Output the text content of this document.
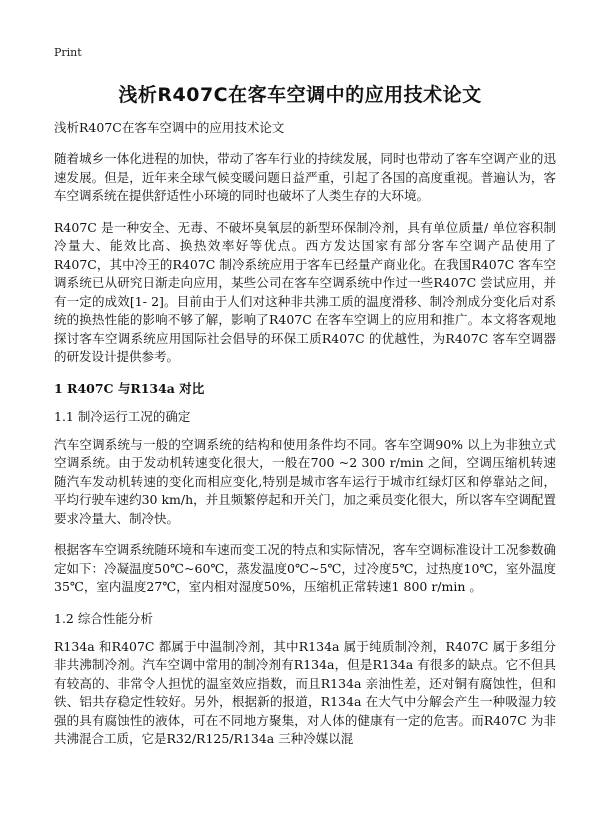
Print
浅析R407C在客车空调中的应用技术论文
浅析R407C在客车空调中的应用技术论文

随着城乡一体化进程的加快，带动了客车行业的持续发展，同时也带动了客车空调产业的迅速发展。但是，近年来全球气候变暖问题日益严重，引起了各国的高度重视。普遍认为，客车空调系统在提供舒适性小环境的同时也破坏了人类生存的大环境。

R407C 是一种安全、无毒、不破坏臭氧层的新型环保制冷剂，具有单位质量/ 单位容积制冷量大、能效比高、换热效率好等优点。西方发达国家有部分客车空调产品使用了R407C，其中冷王的R407C 制冷系统应用于客车已经量产商业化。在我国R407C 客车空调系统已从研究日渐走向应用，某些公司在客车空调系统中作过一些R407C 尝试应用，并有一定的成效[1- 2]。目前由于人们对这种非共沸工质的温度滑移、制冷剂成分变化后对系统的换热性能的影响不够了解，影响了R407C 在客车空调上的应用和推广。本文将客观地探讨客车空调系统应用国际社会倡导的环保工质R407C 的优越性，为R407C 客车空调器的研发设计提供参考。

1 R407C 与R134a 对比
1.1 制冷运行工况的确定

汽车空调系统与一般的空调系统的结构和使用条件均不同。客车空调90% 以上为非独立式空调系统。由于发动机转速变化很大，一般在700 ~2 300 r/min 之间，空调压缩机转速随汽车发动机转速的变化而相应变化,特别是城市客车运行于城市红绿灯区和停靠站之间，平均行驶车速约30 km/h，并且频繁停起和开关门，加之乘员变化很大，所以客车空调配置要求冷量大、制冷快。

根据客车空调系统随环境和车速而变工况的特点和实际情况，客车空调标准设计工况参数确定如下：冷凝温度50℃~60℃，蒸发温度0℃~5℃，过冷度5℃，过热度10℃，室外温度35℃，室内温度27℃，室内相对湿度50%，压缩机正常转速1 800 r/min 。

1.2 综合性能分析

R134a 和R407C 都属于中温制冷剂，其中R134a 属于纯质制冷剂，R407C 属于多组分非共沸制冷剂。汽车空调中常用的制冷剂有R134a，但是R134a 有很多的缺点。它不但具有较高的、非常令人担忧的温室效应指数，而且R134a 亲油性差，还对铜有腐蚀性，但和铁、铝共存稳定性较好。另外，根据新的报道，R134a 在大气中分解会产生一种吸湿力较强的具有腐蚀性的液体，可在不同地方聚集，对人体的健康有一定的危害。而R407C 为非共沸混合工质，它是R32/R125/R134a 三种冷媒以混
